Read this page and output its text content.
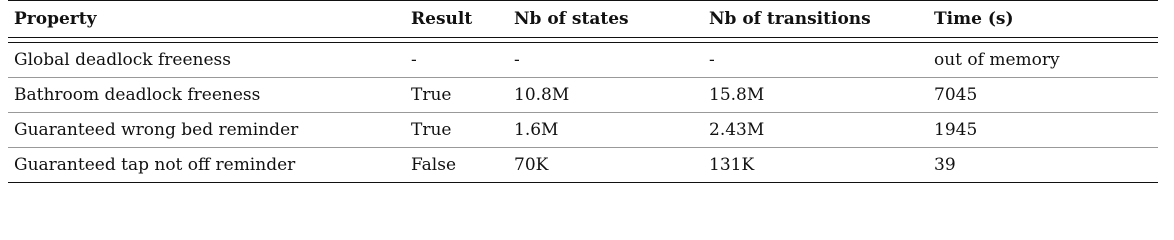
Property	Result	Nb of states	Nb of transitions	Time (s)

Global deadlock freeness	-	-	-	out of memory
Bathroom deadlock freeness	True	10.8M	15.8M	7045
Guaranteed wrong bed reminder	True	1.6M	2.43M	1945
Guaranteed tap not off reminder	False	70K	131K	39
